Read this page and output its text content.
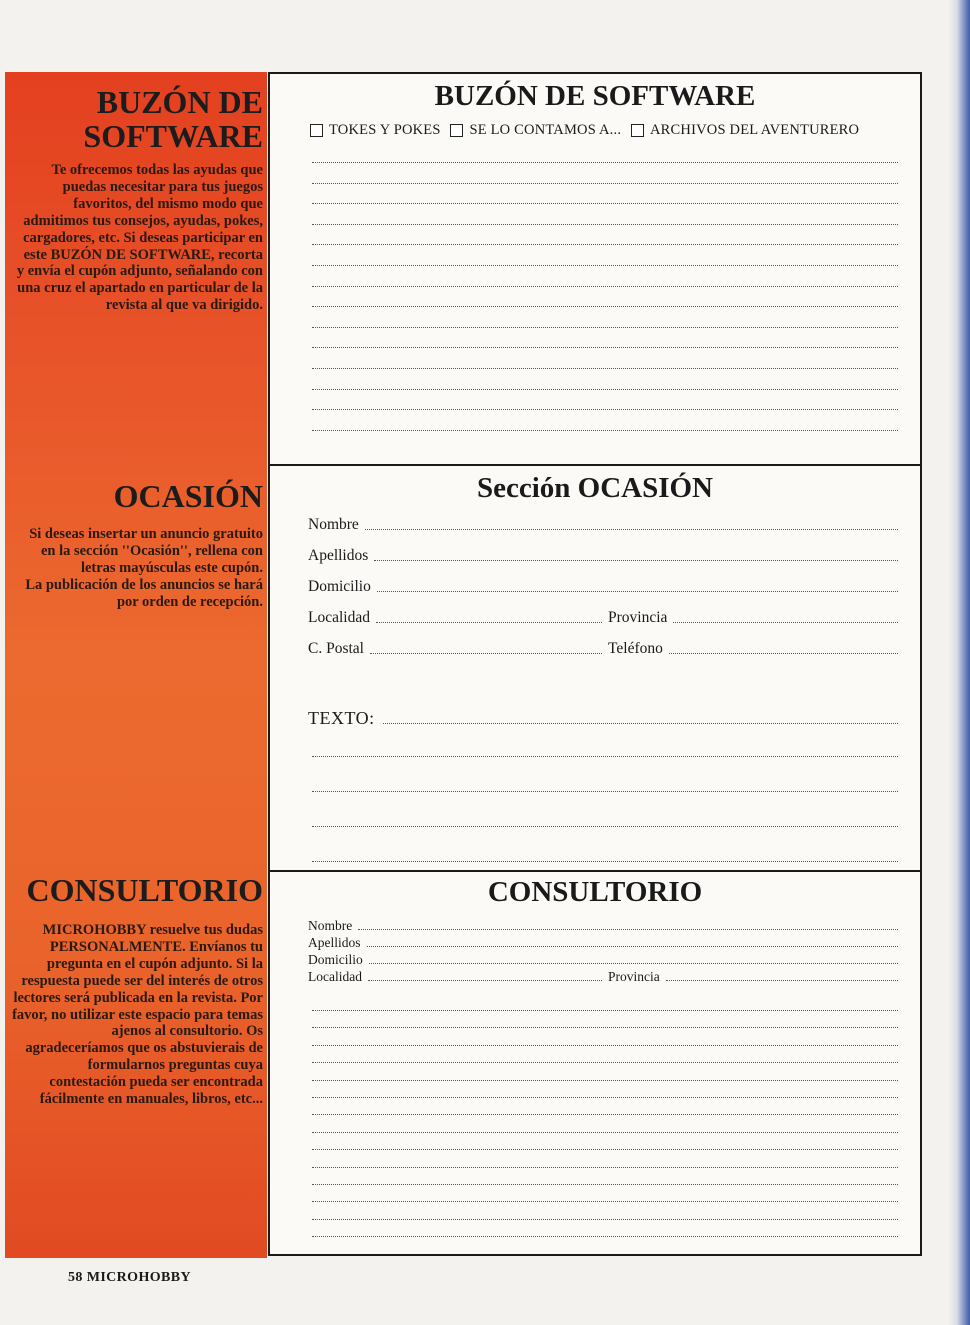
BUZÓN DE
SOFTWARE

Te ofrecemos todas las ayudas que puedas necesitar para tus juegos favoritos, del mismo modo que admitimos tus consejos, ayudas, pokes, cargadores, etc. Si deseas participar en este BUZÓN DE SOFTWARE, recorta y envía el cupón adjunto, señalando con una cruz el apartado en particular de la revista al que va dirigido.

OCASIÓN
Si deseas insertar un anuncio gratuito en la sección ''Ocasión'', rellena con letras mayúsculas este cupón.
La publicación de los anuncios se hará por orden de recepción.
CONSULTORIO

MICROHOBBY resuelve tus dudas PERSONALMENTE. Envíanos tu pregunta en el cupón adjunto. Si la respuesta puede ser del interés de otros lectores será publicada en la revista. Por favor, no utilizar este espacio para temas ajenos al consultorio. Os agradeceríamos que os abstuvierais de formularnos preguntas cuya contestación pueda ser encontrada fácilmente en manuales, libros, etc...

BUZÓN DE SOFTWARE
TOKES Y POKES
SE LO CONTAMOS A...
ARCHIVOS DEL AVENTURERO
Sección OCASIÓN
Nombre
Apellidos
Domicilio
Localidad	Provincia
C. Postal	Teléfono
TEXTO:
CONSULTORIO
Nombre
Apellidos
Domicilio
Localidad	Provincia
58 MICROHOBBY
